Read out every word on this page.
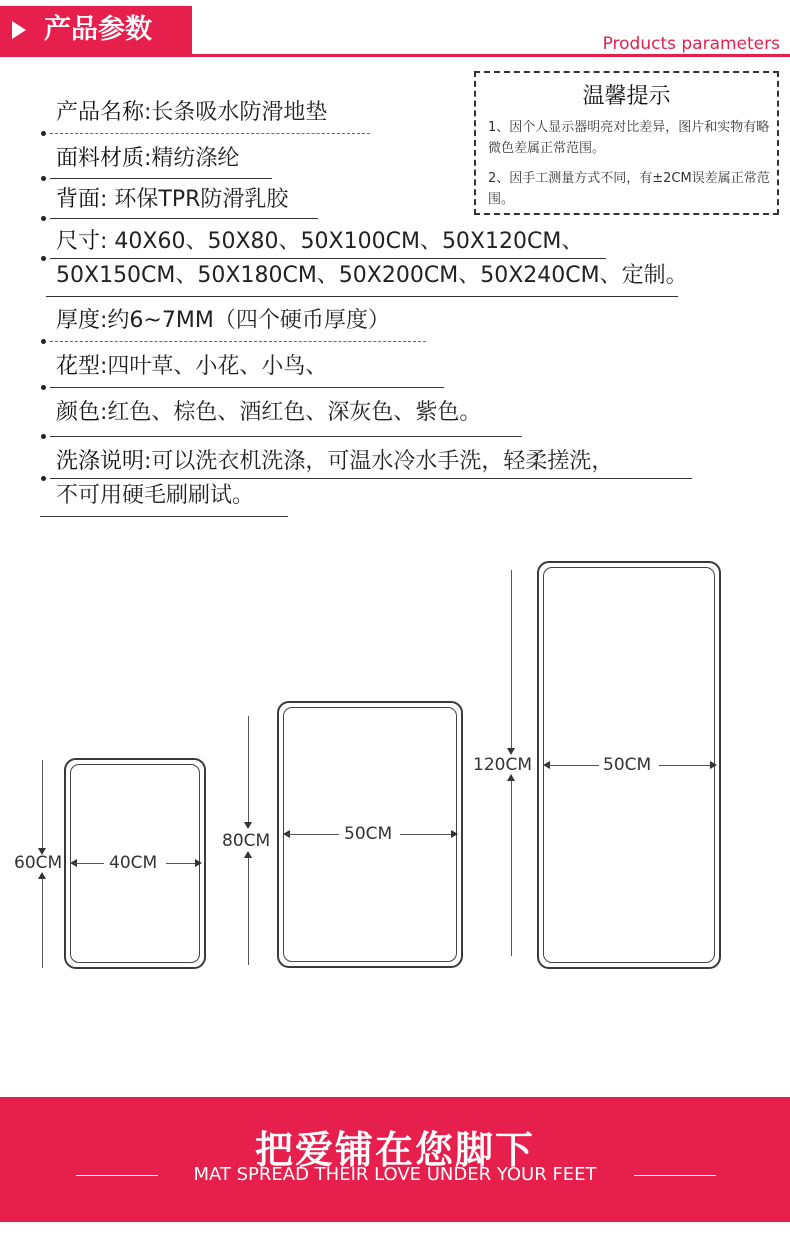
产品参数	Products parameters
温馨提示
1、因个人显示器明亮对比差异，图片和实物有略微色差属正常范围。
2、因手工测量方式不同，有±2CM误差属正常范围。
产品名称:长条吸水防滑地垫
面料材质:精纺涤纶
背面: 环保TPR防滑乳胶
尺寸: 40X60、50X80、50X100CM、50X120CM、
50X150CM、50X180CM、50X200CM、50X240CM、定制。
厚度:约6~7MM（四个硬币厚度）
花型:四叶草、小花、小鸟、
颜色:红色、棕色、酒红色、深灰色、紫色。
洗涤说明:可以洗衣机洗涤，可温水冷水手洗，轻柔搓洗，
不可用硬毛刷刷试。
60CM	40CM
80CM	50CM
120CM	50CM
把爱铺在您脚下
MAT SPREAD THEIR LOVE UNDER YOUR FEET
